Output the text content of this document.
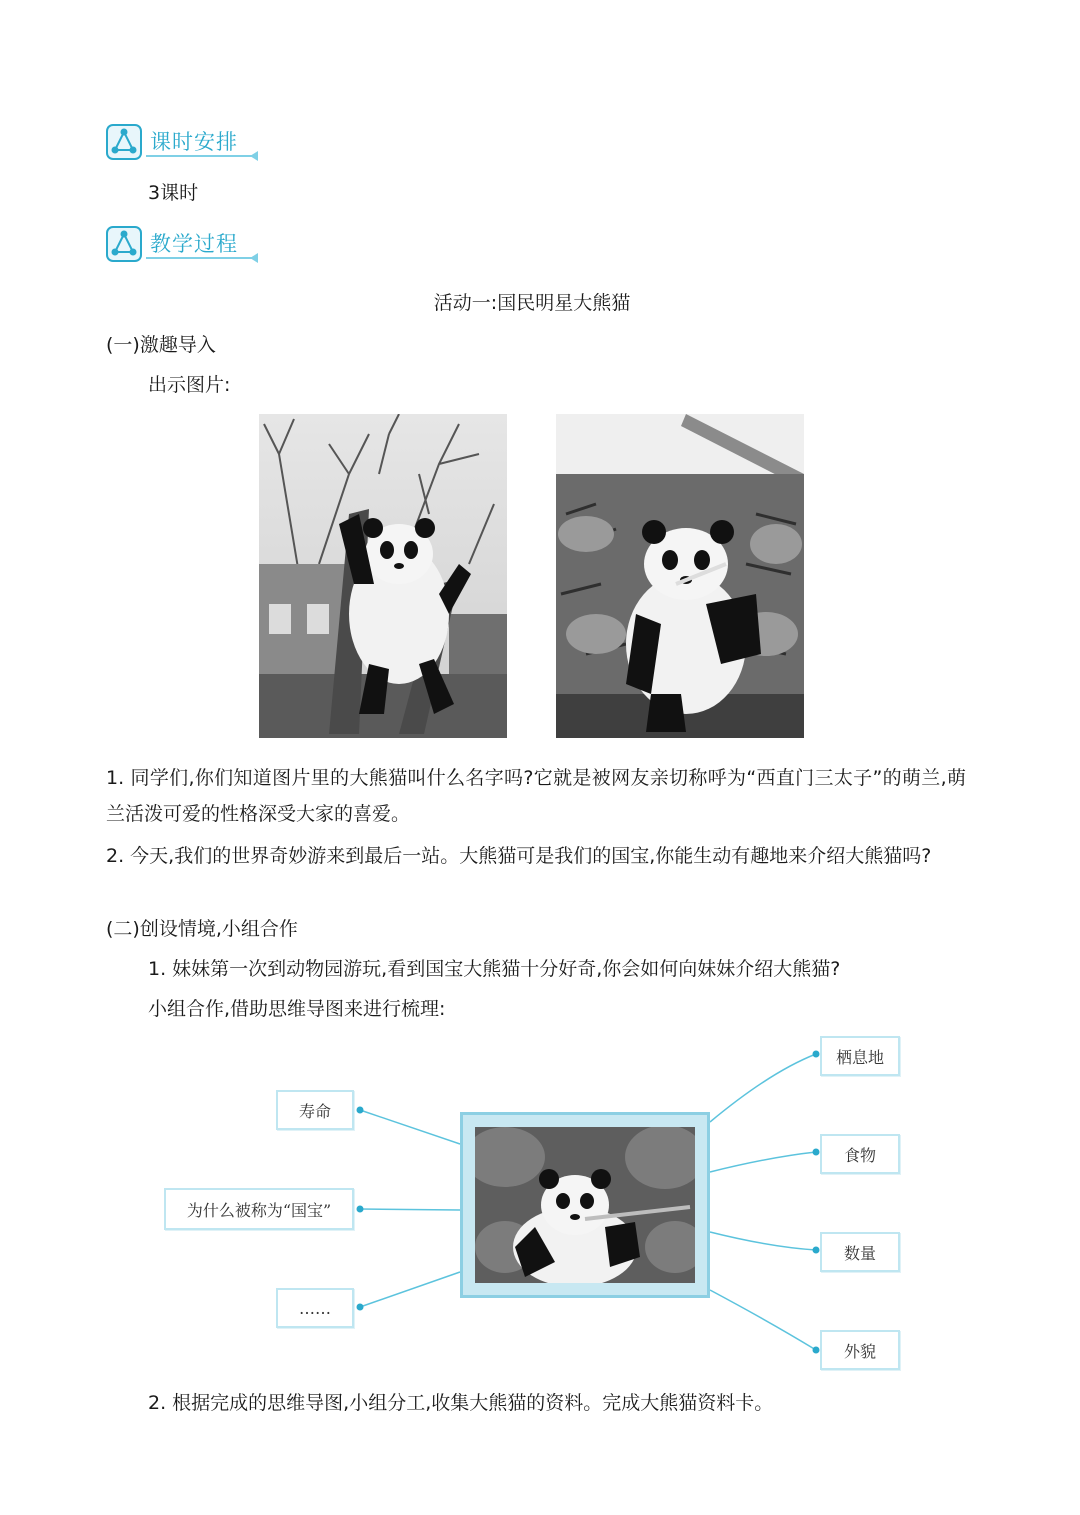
课时安排
3课时
教学过程
活动一:国民明星大熊猫
(一)激趣导入
出示图片:
1. 同学们,你们知道图片里的大熊猫叫什么名字吗?它就是被网友亲切称呼为“西直门三太子”的萌兰,萌兰活泼可爱的性格深受大家的喜爱。
2. 今天,我们的世界奇妙游来到最后一站。大熊猫可是我们的国宝,你能生动有趣地来介绍大熊猫吗?
(二)创设情境,小组合作
1. 妹妹第一次到动物园游玩,看到国宝大熊猫十分好奇,你会如何向妹妹介绍大熊猫?
小组合作,借助思维导图来进行梳理:
寿命
为什么被称为“国宝”
……
栖息地
食物
数量
外貌
2. 根据完成的思维导图,小组分工,收集大熊猫的资料。完成大熊猫资料卡。
